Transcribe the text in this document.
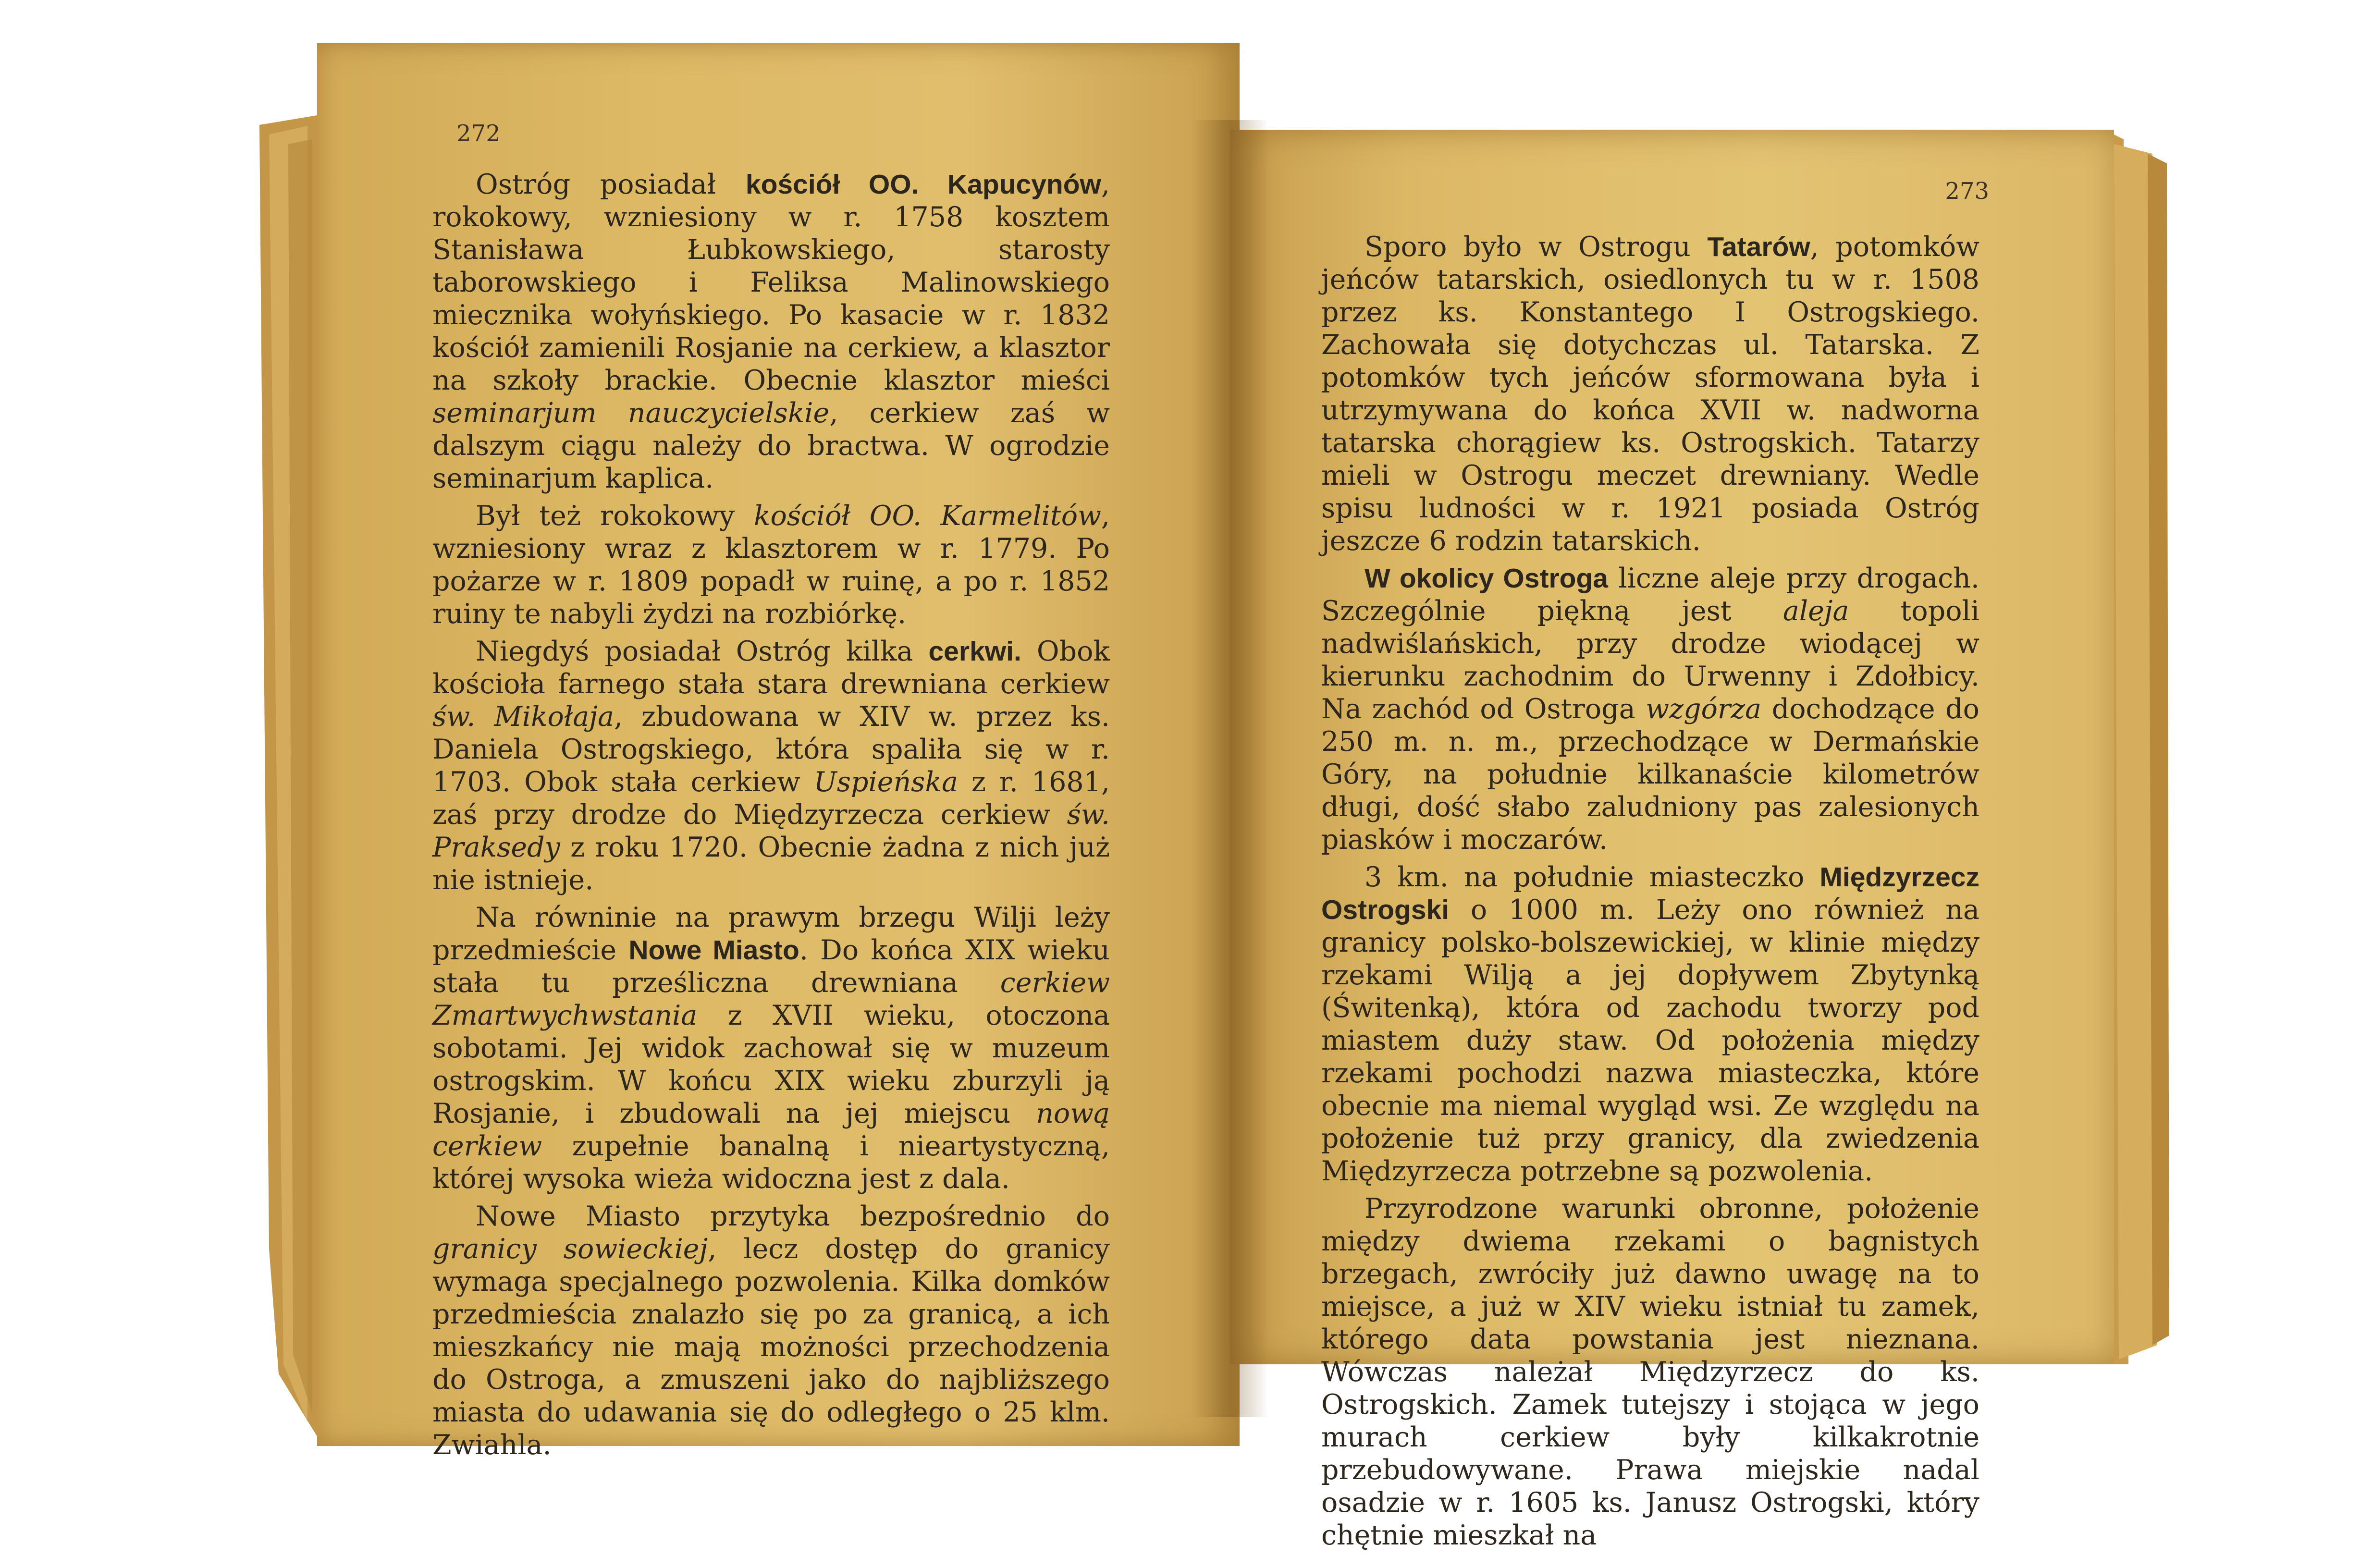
272

Ostróg posiadał kościół OO. Kapucynów, rokokowy, wzniesiony w r. 1758 kosztem Stanisława Łubkowskiego, starosty taborowskiego i Feliksa Malinowskiego miecznika wołyńskiego. Po kasacie w r. 1832 kościół zamienili Rosjanie na cerkiew, a klasztor na szkoły brackie. Obecnie klasztor mieści seminarjum nauczycielskie, cerkiew zaś w dalszym ciągu należy do bractwa. W ogrodzie seminarjum kaplica.

Był też rokokowy kościół OO. Karmelitów, wzniesiony wraz z klasztorem w r. 1779. Po pożarze w r. 1809 popadł w ruinę, a po r. 1852 ruiny te nabyli żydzi na rozbiórkę.

Niegdyś posiadał Ostróg kilka cerkwi. Obok kościoła farnego stała stara drewniana cerkiew św. Mikołaja, zbudowana w XIV w. przez ks. Daniela Ostrogskiego, która spaliła się w r. 1703. Obok stała cerkiew Uspieńska z r. 1681, zaś przy drodze do Międzyrzecza cerkiew św. Praksedy z roku 1720. Obecnie żadna z nich już nie istnieje.

Na równinie na prawym brzegu Wilji leży przedmieście Nowe Miasto. Do końca XIX wieku stała tu prześliczna drewniana cerkiew Zmartwychwstania z XVII wieku, otoczona sobotami. Jej widok zachował się w muzeum ostrogskim. W końcu XIX wieku zburzyli ją Rosjanie, i zbudowali na jej miejscu nową cerkiew zupełnie banalną i nieartystyczną, której wysoka wieża widoczna jest z dala.

Nowe Miasto przytyka bezpośrednio do granicy sowieckiej, lecz dostęp do granicy wymaga specjalnego pozwolenia. Kilka domków przedmieścia znalazło się po za granicą, a ich mieszkańcy nie mają możności przechodzenia do Ostroga, a zmuszeni jako do najbliższego miasta do udawania się do odległego o 25 klm. Zwiahla.

273

Sporo było w Ostrogu Tatarów, potomków jeńców tatarskich, osiedlonych tu w r. 1508 przez ks. Konstantego I Ostrogskiego. Zachowała się dotychczas ul. Tatarska. Z potomków tych jeńców sformowana była i utrzymywana do końca XVII w. nadworna tatarska chorągiew ks. Ostrogskich. Tatarzy mieli w Ostrogu meczet drewniany. Wedle spisu ludności w r. 1921 posiada Ostróg jeszcze 6 rodzin tatarskich.

W okolicy Ostroga liczne aleje przy drogach. Szczególnie piękną jest aleja topoli nadwiślańskich, przy drodze wiodącej w kierunku zachodnim do Urwenny i Zdołbicy. Na zachód od Ostroga wzgórza dochodzące do 250 m. n. m., przechodzące w Dermańskie Góry, na południe kilkanaście kilometrów długi, dość słabo zaludniony pas zalesionych piasków i moczarów.

3 km. na południe miasteczko Międzyrzecz Ostrogski o 1000 m. Leży ono również na granicy polsko-bolszewickiej, w klinie między rzekami Wilją a jej dopływem Zbytynką (Świtenką), która od zachodu tworzy pod miastem duży staw. Od położenia między rzekami pochodzi nazwa miasteczka, które obecnie ma niemal wygląd wsi. Ze względu na położenie tuż przy granicy, dla zwiedzenia Międzyrzecza potrzebne są pozwolenia.

Przyrodzone warunki obronne, położenie między dwiema rzekami o bagnistych brzegach, zwróciły już dawno uwagę na to miejsce, a już w XIV wieku istniał tu zamek, którego data powstania jest nieznana. Wówczas należał Międzyrzecz do ks. Ostrogskich. Zamek tutejszy i stojąca w jego murach cerkiew były kilkakrotnie przebudowywane. Prawa miejskie nadal osadzie w r. 1605 ks. Janusz Ostrogski, który chętnie mieszkał na
